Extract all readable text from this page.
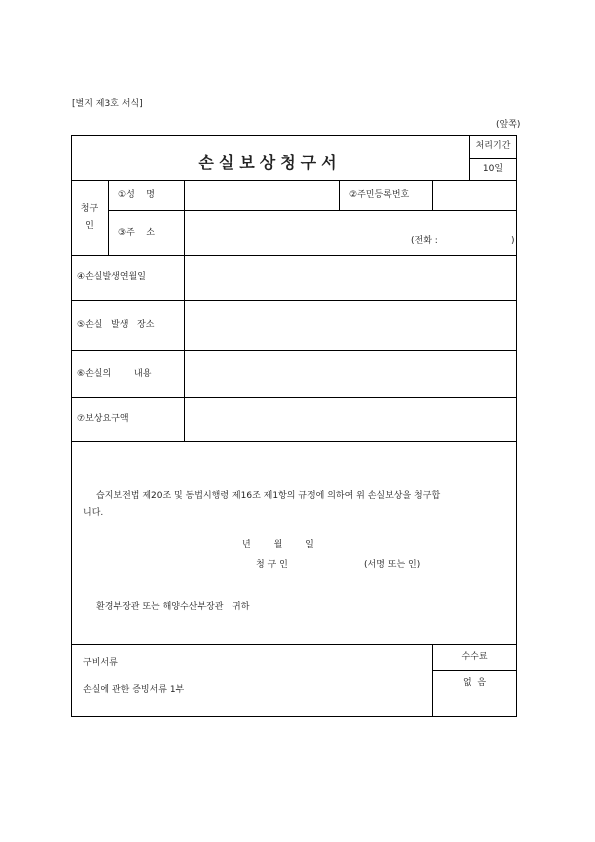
[별지 제3호 서식]
(앞쪽)
손실보상청구서
처리기간
10일
청구
인
①성    명	②주민등록번호
③주    소
(전화 :	)
④손실발생연월일
⑤손실   발생   장소
⑥손실의        내용
⑦보상요구액
습지보전법 제20조 및 동법시행령 제16조 제1항의 규정에 의하여 위 손실보상을 청구합
니다.
년        월        일
청 구 인	(서명 또는 인)
환경부장관 또는 해양수산부장관   귀하
구비서류
손실에 관한 증빙서류 1부
수수료
없  음
